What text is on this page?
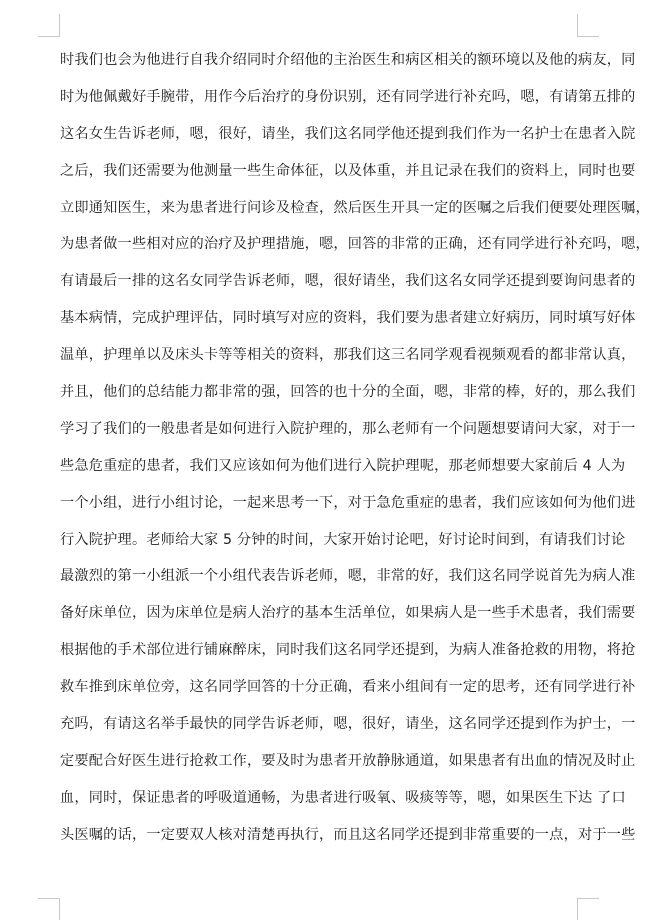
时我们也会为他进行自我介绍同时介绍他的主治医生和病区相关的额环境以及他的病友，同
时为他佩戴好手腕带，用作今后治疗的身份识别，还有同学进行补充吗，嗯，有请第五排的
这名女生告诉老师，嗯，很好，请坐，我们这名同学他还提到我们作为一名护士在患者入院
之后，我们还需要为他测量一些生命体征，以及体重，并且记录在我们的资料上，同时也要
立即通知医生，来为患者进行问诊及检查，然后医生开具一定的医嘱之后我们便要处理医嘱，
为患者做一些相对应的治疗及护理措施，嗯，回答的非常的正确，还有同学进行补充吗，嗯，
有请最后一排的这名女同学告诉老师，嗯，很好请坐，我们这名女同学还提到要询问患者的
基本病情，完成护理评估，同时填写对应的资料，我们要为患者建立好病历，同时填写好体
温单，护理单以及床头卡等等相关的资料，那我们这三名同学观看视频观看的都非常认真，
并且，他们的总结能力都非常的强，回答的也十分的全面，嗯，非常的棒，好的，那么我们
学习了我们的一般患者是如何进行入院护理的，那么老师有一个问题想要请问大家，对于一
些急危重症的患者，我们又应该如何为他们进行入院护理呢，那老师想要大家前后 4 人为
一个小组，进行小组讨论，一起来思考一下，对于急危重症的患者，我们应该如何为他们进
行入院护理。老师给大家 5 分钟的时间，大家开始讨论吧，好讨论时间到，有请我们讨论
最激烈的第一小组派一个小组代表告诉老师，嗯，非常的好，我们这名同学说首先为病人准
备好床单位，因为床单位是病人治疗的基本生活单位，如果病人是一些手术患者，我们需要
根据他的手术部位进行铺麻醉床，同时我们这名同学还提到，为病人准备抢救的用物，将抢
救车推到床单位旁，这名同学回答的十分正确，看来小组间有一定的思考，还有同学进行补
充吗，有请这名举手最快的同学告诉老师，嗯，很好，请坐，这名同学还提到作为护士，一
定要配合好医生进行抢救工作，要及时为患者开放静脉通道，如果患者有出血的情况及时止
血，同时，保证患者的呼吸道通畅，为患者进行吸氧、吸痰等等，嗯，如果医生下达 了口
头医嘱的话，一定要双人核对清楚再执行，而且这名同学还提到非常重要的一点，对于一些
